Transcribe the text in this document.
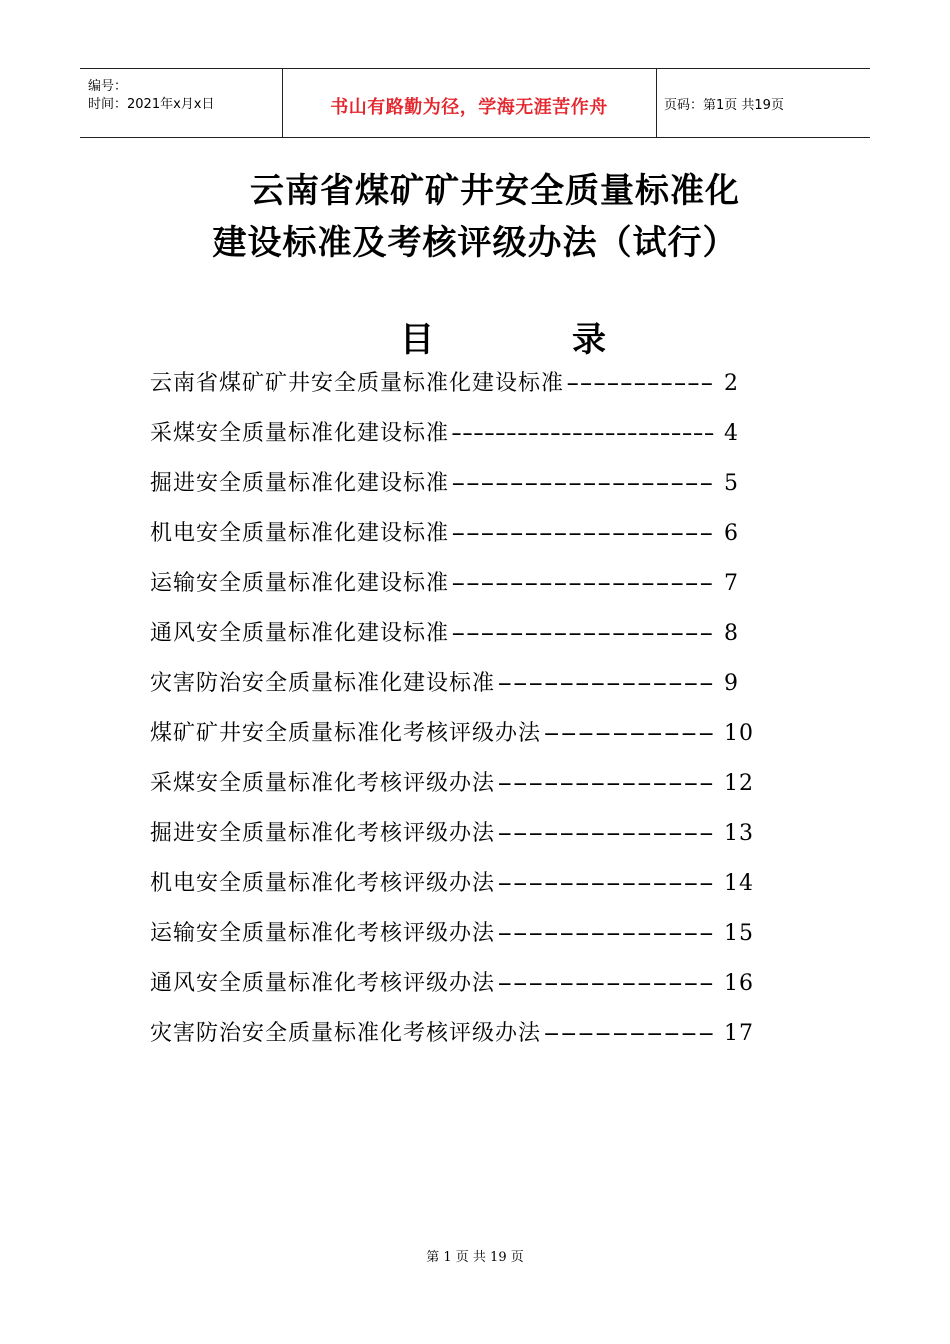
编号：
时间：2021年x月x日	书山有路勤为径，学海无涯苦作舟	页码：第1页 共19页
云南省煤矿矿井安全质量标准化
建设标准及考核评级办法（试行）
目	录
云南省煤矿矿井安全质量标准化建设标准 ----------- 2
采煤安全质量标准化建设标准 ------------------------ 4
掘进安全质量标准化建设标准 ------------------ 5
机电安全质量标准化建设标准 ------------------ 6
运输安全质量标准化建设标准 ------------------ 7
通风安全质量标准化建设标准 ------------------ 8
灾害防治安全质量标准化建设标准 -------------- 9
煤矿矿井安全质量标准化考核评级办法 ---------- 10
采煤安全质量标准化考核评级办法 -------------- 12
掘进安全质量标准化考核评级办法 -------------- 13
机电安全质量标准化考核评级办法 -------------- 14
运输安全质量标准化考核评级办法 -------------- 15
通风安全质量标准化考核评级办法 -------------- 16
灾害防治安全质量标准化考核评级办法 ---------- 17
第 1 页 共 19 页
